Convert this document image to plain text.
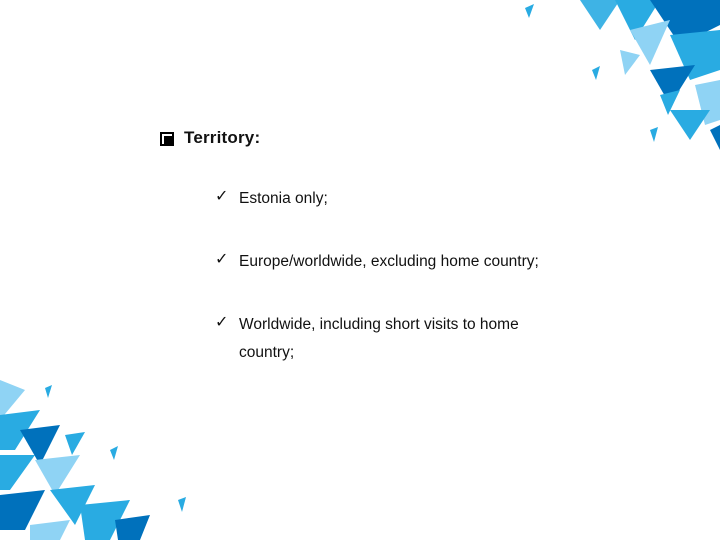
Territory:
✓ Estonia only;
✓ Europe/worldwide, excluding home country;
✓ Worldwide, including short visits to home
country;
